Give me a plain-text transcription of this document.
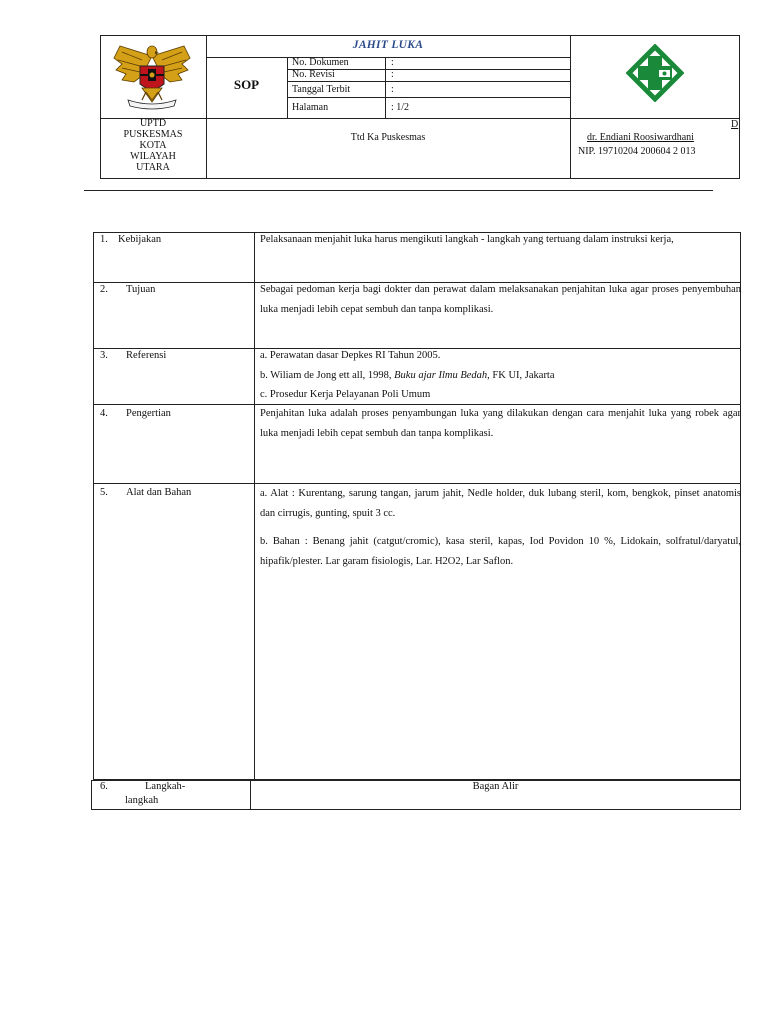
JAHIT LUKA
SOP
No. Dokumen	:
No. Revisi	:
Tanggal Terbit	:
Halaman	: 1/2
UPTD
PUSKESMAS
KOTA
WILAYAH
UTARA
Ttd Ka Puskesmas
D
dr. Endiani Roosiwardhani
NIP. 19710204 200604 2 013
1. Kebijakan	Pelaksanaan menjahit luka harus mengikuti langkah - langkah yang tertuang dalam instruksi kerja,
2. Tujuan	Sebagai pedoman kerja bagi dokter dan perawat dalam melaksanakan penjahitan luka agar proses penyembuhan luka menjadi lebih cepat sembuh dan tanpa komplikasi.
3. Referensi	a. Perawatan dasar Depkes RI Tahun 2005.

b. Wiliam de Jong ett all, 1998, Buku ajar Ilmu Bedah, FK UI, Jakarta

c. Prosedur Kerja Pelayanan Poli Umum

4. Pengertian	Penjahitan luka adalah proses penyambungan luka yang dilakukan dengan cara menjahit luka yang robek agar luka menjadi lebih cepat sembuh dan tanpa komplikasi.
5. Alat dan Bahan	a. Alat : Kurentang, sarung tangan, jarum jahit, Nedle holder, duk lubang steril, kom, bengkok, pinset anatomis dan cirrugis, gunting, spuit 3 cc.
b. Bahan : Benang jahit (catgut/cromic), kasa steril, kapas, Iod Povidon 10 %, Lidokain, solfratul/daryatul, hipafik/plester. Lar garam fisiologis, Lar. H2O2, Lar Saflon.
6.	Langkah-
langkah
Bagan Alir
